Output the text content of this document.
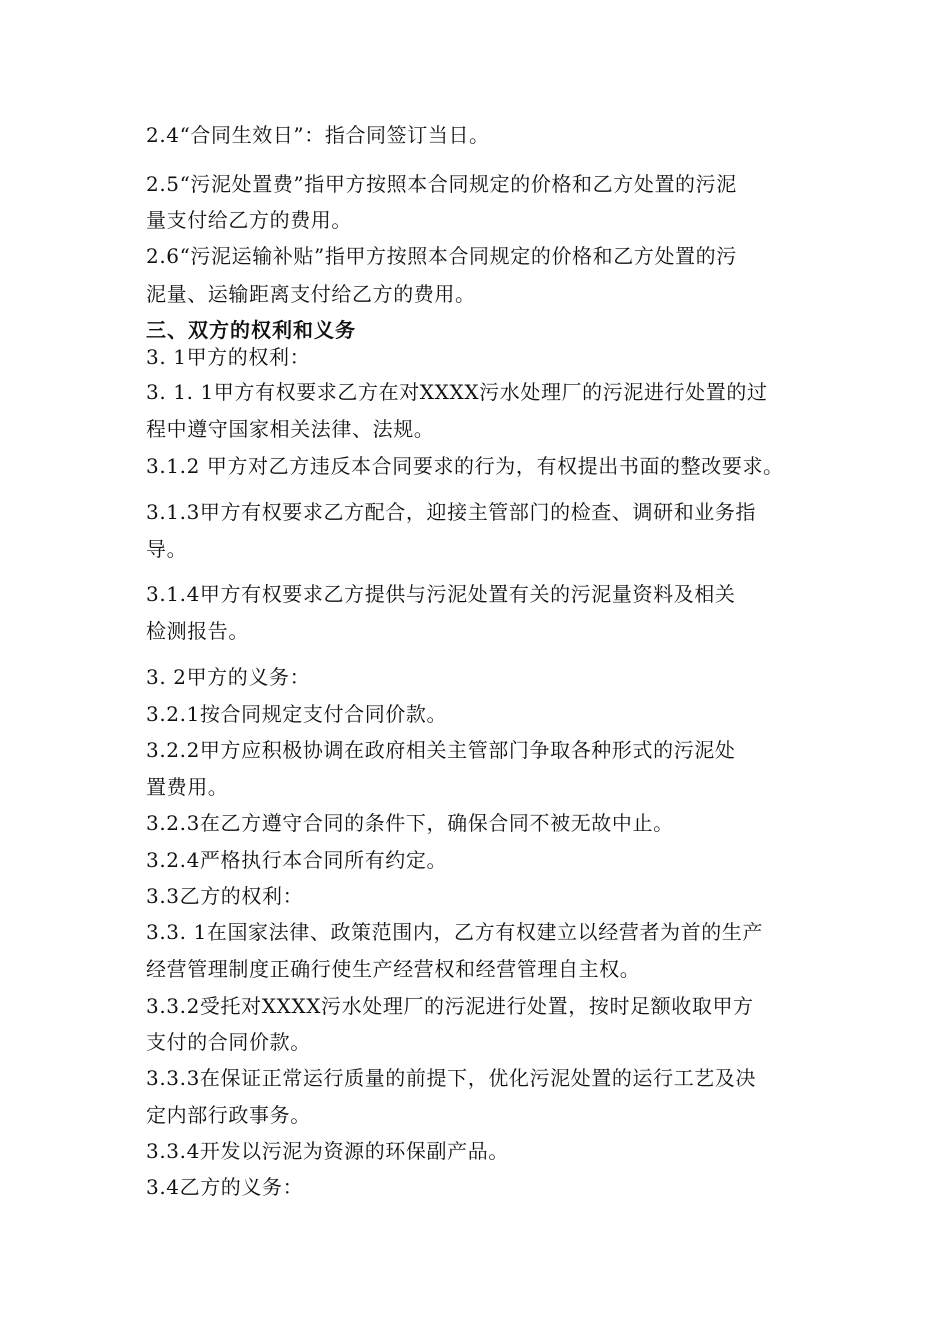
2.4“合同生效日”：指合同签订当日。
2.5“污泥处置费”指甲方按照本合同规定的价格和乙方处置的污泥
量支付给乙方的费用。
2.6“污泥运输补贴”指甲方按照本合同规定的价格和乙方处置的污
泥量、运输距离支付给乙方的费用。
三、双方的权利和义务
3. 1甲方的权利：
3. 1. 1甲方有权要求乙方在对XXXX污水处理厂的污泥进行处置的过
程中遵守国家相关法律、法规。
3.1.2 甲方对乙方违反本合同要求的行为，有权提出书面的整改要求。
3.1.3甲方有权要求乙方配合，迎接主管部门的检查、调研和业务指
导。
3.1.4甲方有权要求乙方提供与污泥处置有关的污泥量资料及相关
检测报告。
3. 2甲方的义务：
3.2.1按合同规定支付合同价款。
3.2.2甲方应积极协调在政府相关主管部门争取各种形式的污泥处
置费用。
3.2.3在乙方遵守合同的条件下，确保合同不被无故中止。
3.2.4严格执行本合同所有约定。
3.3乙方的权利：
3.3. 1在国家法律、政策范围内，乙方有权建立以经营者为首的生产
经营管理制度正确行使生产经营权和经营管理自主权。
3.3.2受托对XXXX污水处理厂的污泥进行处置，按时足额收取甲方
支付的合同价款。
3.3.3在保证正常运行质量的前提下，优化污泥处置的运行工艺及决
定内部行政事务。
3.3.4开发以污泥为资源的环保副产品。
3.4乙方的义务：
